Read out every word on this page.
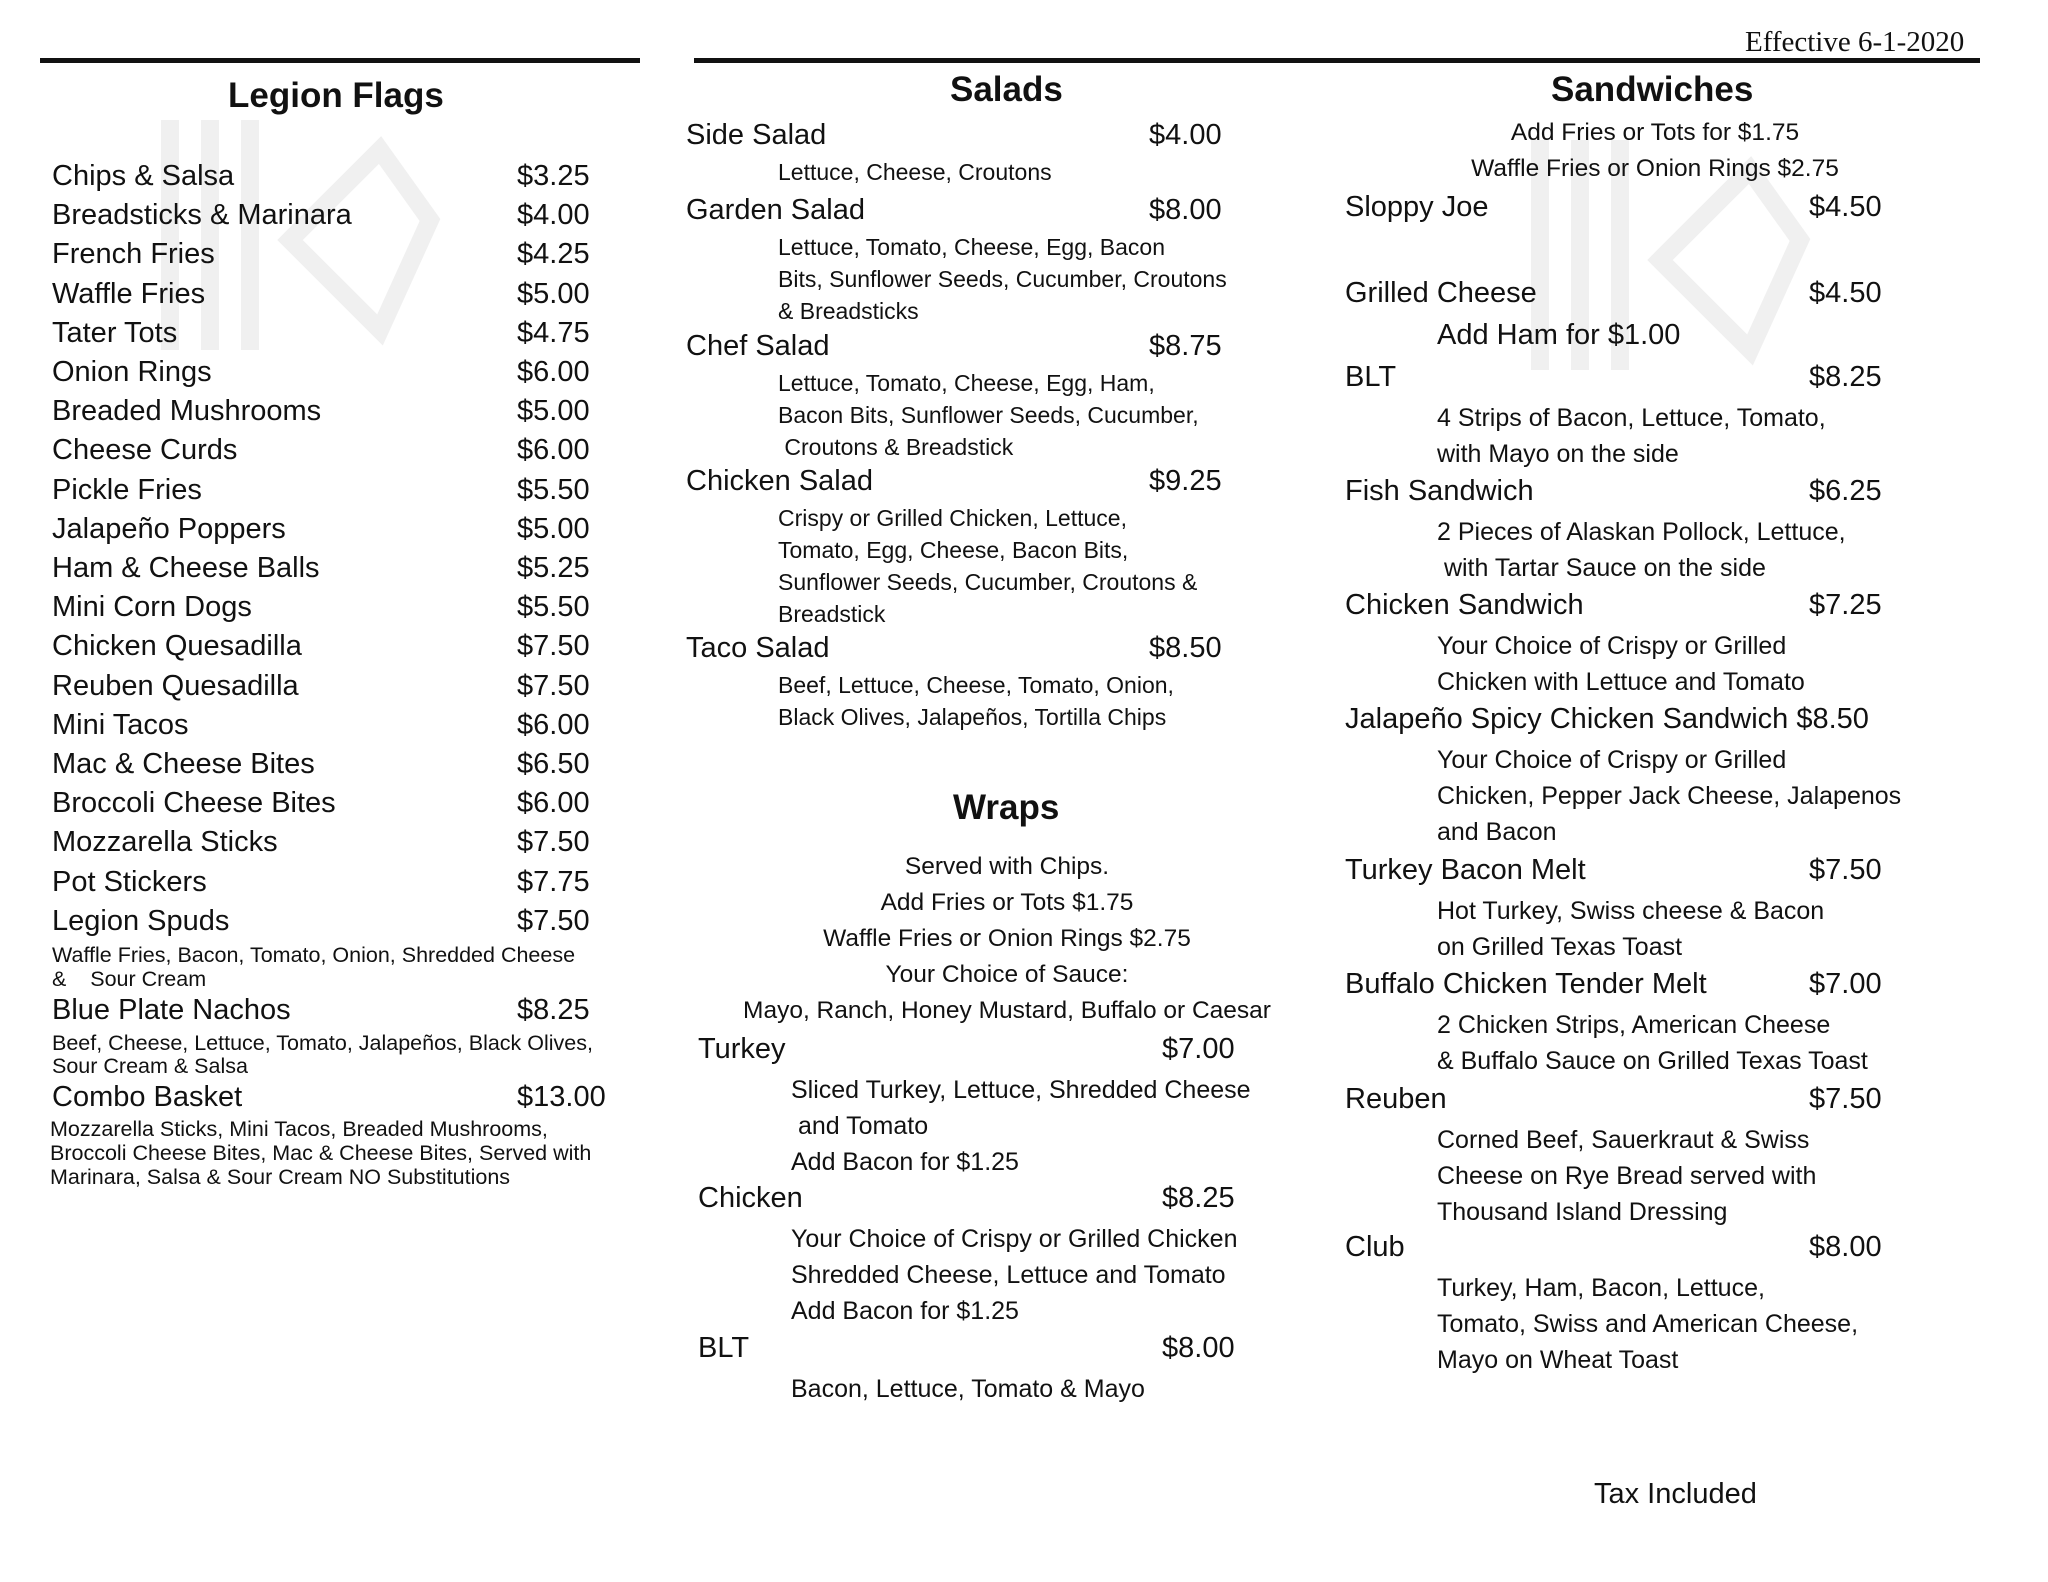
Effective 6-1-2020
Legion Flags
Chips & Salsa	$3.25
Breadsticks & Marinara	$4.00
French Fries	$4.25
Waffle Fries	$5.00
Tater Tots	$4.75
Onion Rings	$6.00
Breaded Mushrooms	$5.00
Cheese Curds	$6.00
Pickle Fries	$5.50
Jalapeño Poppers	$5.00
Ham & Cheese Balls	$5.25
Mini Corn Dogs	$5.50
Chicken Quesadilla	$7.50
Reuben Quesadilla	$7.50
Mini Tacos	$6.00
Mac & Cheese Bites	$6.50
Broccoli Cheese Bites	$6.00
Mozzarella Sticks	$7.50
Pot Stickers	$7.75
Legion Spuds	$7.50
Waffle Fries, Bacon, Tomato, Onion, Shredded Cheese
&    Sour Cream
Blue Plate Nachos	$8.25
Beef, Cheese, Lettuce, Tomato, Jalapeños, Black Olives,
Sour Cream & Salsa
Combo Basket	$13.00
Mozzarella Sticks, Mini Tacos, Breaded Mushrooms,
Broccoli Cheese Bites, Mac & Cheese Bites, Served with
Marinara, Salsa & Sour Cream NO Substitutions
Salads
Side Salad	$4.00
Lettuce, Cheese, Croutons
Garden Salad	$8.00
Lettuce, Tomato, Cheese, Egg, Bacon
Bits, Sunflower Seeds, Cucumber, Croutons
& Breadsticks
Chef Salad	$8.75
Lettuce, Tomato, Cheese, Egg, Ham,
Bacon Bits, Sunflower Seeds, Cucumber,
Croutons & Breadstick
Chicken Salad	$9.25
Crispy or Grilled Chicken, Lettuce,
Tomato, Egg, Cheese, Bacon Bits,
Sunflower Seeds, Cucumber, Croutons &
Breadstick
Taco Salad	$8.50
Beef, Lettuce, Cheese, Tomato, Onion,
Black Olives, Jalapeños, Tortilla Chips
Wraps
Served with Chips.
Add Fries or Tots $1.75
Waffle Fries or Onion Rings $2.75
Your Choice of Sauce:
Mayo, Ranch, Honey Mustard, Buffalo or Caesar
Turkey	$7.00
Sliced Turkey, Lettuce, Shredded Cheese
and Tomato
Add Bacon for $1.25
Chicken	$8.25
Your Choice of Crispy or Grilled Chicken
Shredded Cheese, Lettuce and Tomato
Add Bacon for $1.25
BLT	$8.00
Bacon, Lettuce, Tomato & Mayo
Sandwiches
Add Fries or Tots for $1.75
Waffle Fries or Onion Rings $2.75
Sloppy Joe	$4.50
Grilled Cheese	$4.50
Add Ham for $1.00
BLT	$8.25
4 Strips of Bacon, Lettuce, Tomato,
with Mayo on the side
Fish Sandwich	$6.25
2 Pieces of Alaskan Pollock, Lettuce,
with Tartar Sauce on the side
Chicken Sandwich	$7.25
Your Choice of Crispy or Grilled
Chicken with Lettuce and Tomato
Jalapeño Spicy Chicken Sandwich $8.50
Your Choice of Crispy or Grilled
Chicken, Pepper Jack Cheese, Jalapenos
and Bacon
Turkey Bacon Melt	$7.50
Hot Turkey, Swiss cheese & Bacon
on Grilled Texas Toast
Buffalo Chicken Tender Melt	$7.00
2 Chicken Strips, American Cheese
& Buffalo Sauce on Grilled Texas Toast
Reuben	$7.50
Corned Beef, Sauerkraut & Swiss
Cheese on Rye Bread served with
Thousand Island Dressing
Club	$8.00
Turkey, Ham, Bacon, Lettuce,
Tomato, Swiss and American Cheese,
Mayo on Wheat Toast
Tax Included
